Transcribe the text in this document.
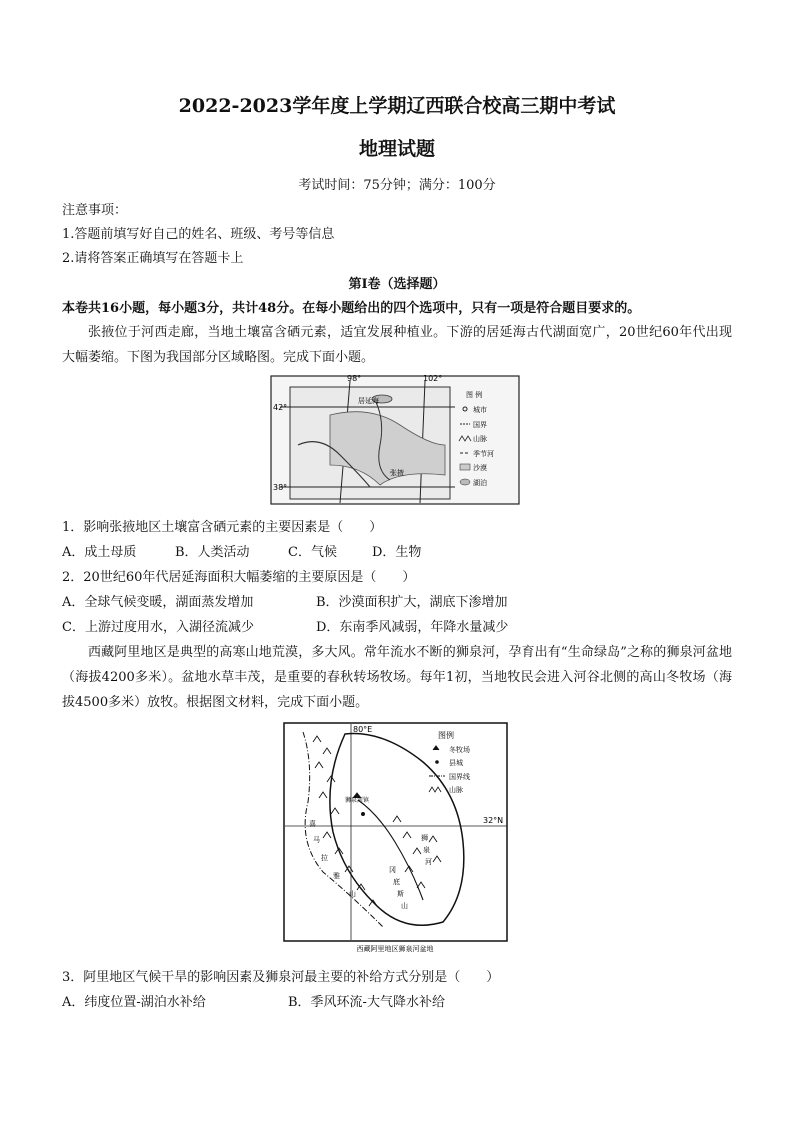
2022-2023学年度上学期辽西联合校高三期中考试
地理试题
考试时间：75分钟；满分：100分
注意事项：
1.答题前填写好自己的姓名、班级、考号等信息
2.请将答案正确填写在答题卡上
第I卷（选择题）
本卷共16小题，每小题3分，共计48分。在每小题给出的四个选项中，只有一项是符合题目要求的。
张掖位于河西走廊，当地土壤富含硒元素，适宜发展种植业。下游的居延海古代湖面宽广，20世纪60年代出现大幅萎缩。下图为我国部分区域略图。完成下面小题。
98°	102°
42°
38°
居延海
张掖
图 例
城市
国界
山脉
季节河
沙漠
湖泊
1．影响张掖地区土壤富含硒元素的主要因素是（　　）
A．成土母质	B．人类活动	C．气候	D．生物
2．20世纪60年代居延海面积大幅萎缩的主要原因是（　　）
A．全球气候变暖，湖面蒸发增加	B．沙漠面积扩大，湖底下渗增加
C．上游过度用水，入湖径流减少	D．东南季风减弱，年降水量减少
西藏阿里地区是典型的高寒山地荒漠，多大风。常年流水不断的狮泉河，孕育出有“生命绿岛”之称的狮泉河盆地（海拔4200多米）。盆地水草丰茂，是重要的春秋转场牧场。每年1初，当地牧民会进入河谷北侧的高山冬牧场（海拔4500多米）放牧。根据图文材料，完成下面小题。
80°E
32°N
图例
冬牧场
县城
国界线
山脉
狮泉河镇
狮
泉
河
冈
底
斯
山
喜
马
拉
雅
山
西藏阿里地区狮泉河盆地
3．阿里地区气候干旱的影响因素及狮泉河最主要的补给方式分别是（　　）
A．纬度位置-湖泊水补给	B．季风环流-大气降水补给
